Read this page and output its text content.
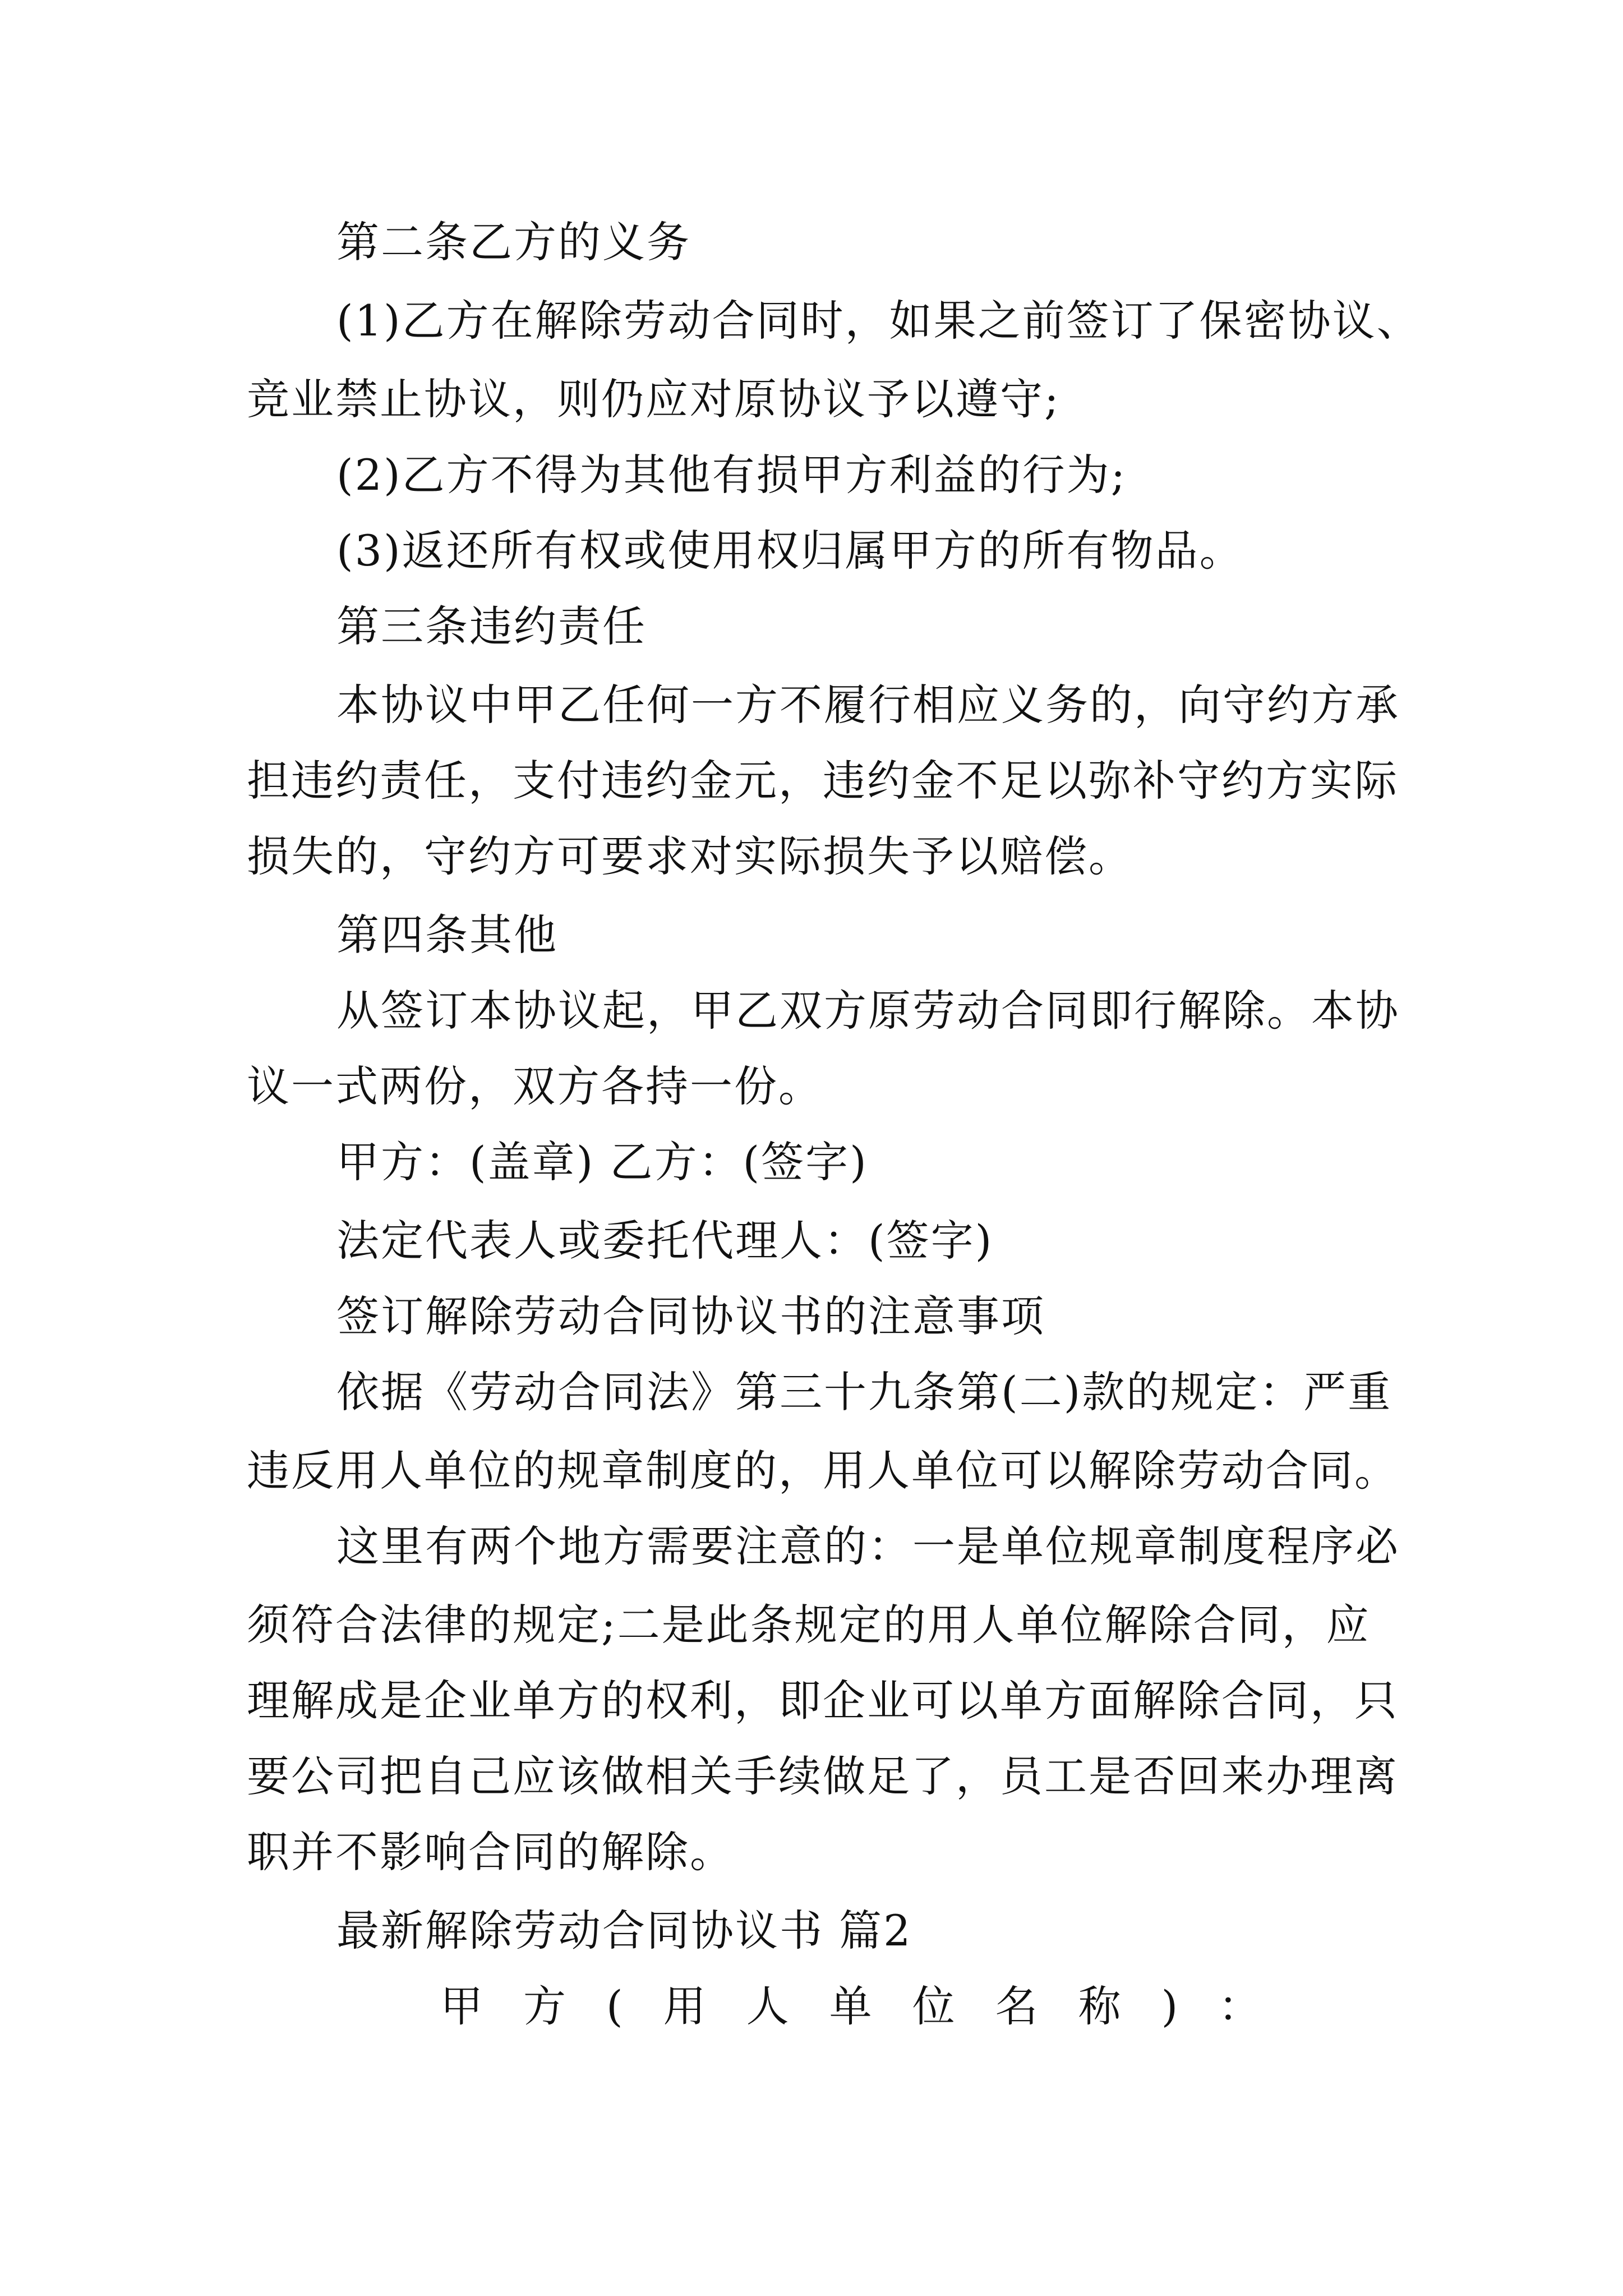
第二条乙方的义务
(1)乙方在解除劳动合同时，如果之前签订了保密协议、
竞业禁止协议，则仍应对原协议予以遵守;
(2)乙方不得为其他有损甲方利益的行为;
(3)返还所有权或使用权归属甲方的所有物品。
第三条违约责任
本协议中甲乙任何一方不履行相应义务的，向守约方承
担违约责任，支付违约金元，违约金不足以弥补守约方实际
损失的，守约方可要求对实际损失予以赔偿。
第四条其他
从签订本协议起，甲乙双方原劳动合同即行解除。本协
议一式两份，双方各持一份。
甲方：(盖章) 乙方：(签字)
法定代表人或委托代理人：(签字)
签订解除劳动合同协议书的注意事项
依据《劳动合同法》第三十九条第(二)款的规定：严重
违反用人单位的规章制度的，用人单位可以解除劳动合同。
这里有两个地方需要注意的：一是单位规章制度程序必
须符合法律的规定;二是此条规定的用人单位解除合同，应
理解成是企业单方的权利，即企业可以单方面解除合同，只
要公司把自己应该做相关手续做足了，员工是否回来办理离
职并不影响合同的解除。
最新解除劳动合同协议书 篇2
甲方(用人单位名称)：
